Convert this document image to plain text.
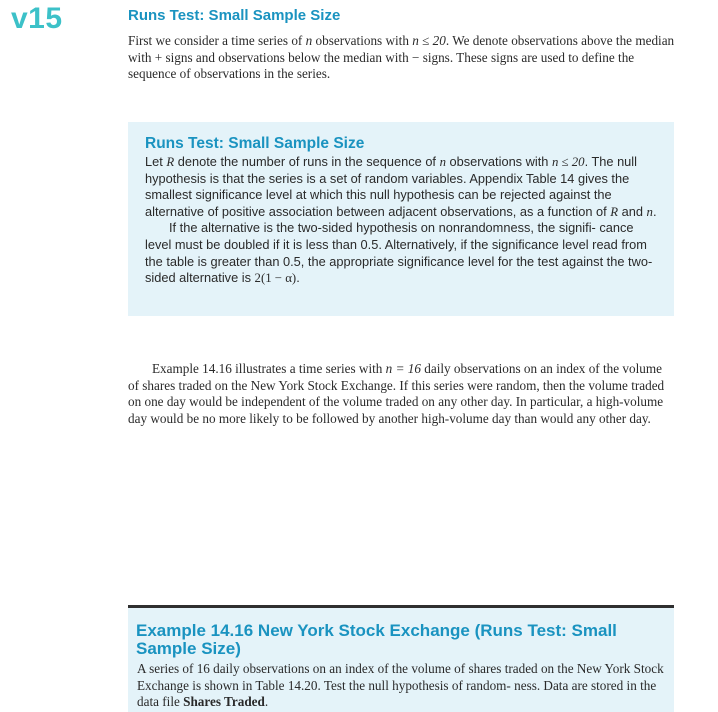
v15	Runs Test: Small Sample Size

First we consider a time series of n observations with n ≤ 20. We denote observations above the median with + signs and observations below the median with − signs. These signs are used to define the sequence of observations in the series.

Runs Test: Small Sample Size

Let R denote the number of runs in the sequence of n observations with n ≤ 20. The null hypothesis is that the series is a set of random variables. Appendix Table 14 gives the smallest significance level at which this null hypothesis can be rejected against the alternative of positive association between adjacent observations, as a function of R and n.
If the alternative is the two-sided hypothesis on nonrandomness, the signifi- cance level must be doubled if it is less than 0.5. Alternatively, if the significance level read from the table is greater than 0.5, the appropriate significance level for the test against the two-sided alternative is 2(1 − α).

Example 14.16 illustrates a time series with n = 16 daily observations on an index of the volume of shares traded on the New York Stock Exchange. If this series were random, then the volume traded on one day would be independent of the volume traded on any other day. In particular, a high-volume day would be no more likely to be followed by another high-volume day than would any other day.

Example 14.16 New York Stock Exchange (Runs Test: Small Sample Size)

A series of 16 daily observations on an index of the volume of shares traded on the New York Stock Exchange is shown in Table 14.20. Test the null hypothesis of random- ness. Data are stored in the data file Shares Traded.
